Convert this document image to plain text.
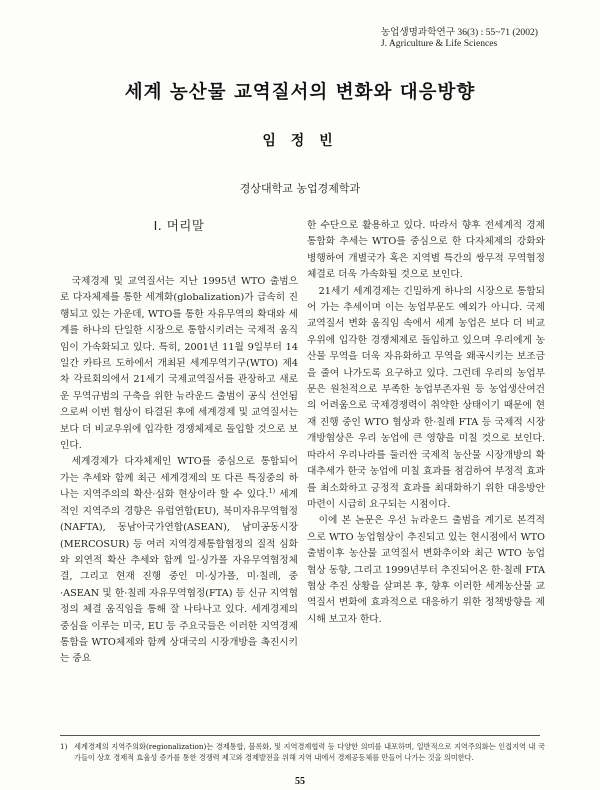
농업생명과학연구 36(3) : 55~71 (2002)
J. Agriculture & Life Sciences
세계 농산물 교역질서의 변화와 대응방향
임 정 빈
경상대학교 농업경제학과
Ⅰ. 머리말

국제경제 및 교역질서는 지난 1995년 WTO 출범으로 다자체제를 통한 세계화(globalization)가 급속히 진행되고 있는 가운데, WTO를 통한 자유무역의 확대와 세계를 하나의 단일한 시장으로 통합시키려는 국제적 움직임이 가속화되고 있다. 특히, 2001년 11월 9일부터 14일간 카타르 도하에서 개최된 세계무역기구(WTO) 제4차 각료회의에서 21세기 국제교역질서를 관장하고 새로운 무역규범의 구축을 위한 뉴라운드 출범이 공식 선언됨으로써 이번 협상이 타결된 후에 세계경제 및 교역질서는 보다 더 비교우위에 입각한 경쟁체제로 돌입할 것으로 보인다.

세계경제가 다자체제인 WTO를 중심으로 통합되어 가는 추세와 함께 최근 세계경제의 또 다른 특징중의 하나는 지역주의의 확산·심화 현상이라 할 수 있다.$^{1)}$ 세계적인 지역주의 경향은 유럽연합(EU), 북미자유무역협정(NAFTA), 동남아국가연합(ASEAN), 남미공동시장(MERCOSUR) 등 여러 지역경제통합협정의 질적 심화와 외연적 확산 추세와 함께 일·싱가폴 자유무역협정체결, 그리고 현재 진행 중인 미·싱가폴, 미·칠레, 중·ASEAN 및 한·칠레 자유무역협정(FTA) 등 신규 지역협정의 체결 움직임을 통해 잘 나타나고 있다. 세계경제의 중심을 이루는 미국, EU 등 주요국들은 이러한 지역경제통합을 WTO체제와 함께 상대국의 시장개방을 촉진시키는 중요

한 수단으로 활용하고 있다. 따라서 향후 전세계적 경제통합화 추세는 WTO를 중심으로 한 다자체제의 강화와 병행하여 개별국가 혹은 지역별 특간의 쌍무적 무역협정체결로 더욱 가속화될 것으로 보인다.

21세기 세계경제는 긴밀하게 하나의 시장으로 통합되어 가는 추세이며 이는 농업부문도 예외가 아니다. 국제 교역질서 변화 움직임 속에서 세계 농업은 보다 더 비교우위에 입각한 경쟁체제로 돌입하고 있으며 우리에게 농산물 무역을 더욱 자유화하고 무역을 왜곡시키는 보조금을 줄여 나가도록 요구하고 있다. 그런데 우리의 농업부문은 원천적으로 부족한 농업부존자원 등 농업생산여건의 어려움으로 국제경쟁력이 취약한 상태이기 때문에 현재 진행 중인 WTO 협상과 한·칠레 FTA 등 국제적 시장개방협상은 우리 농업에 큰 영향을 미칠 것으로 보인다. 따라서 우리나라를 둘러싼 국제적 농산물 시장개방의 확대추세가 한국 농업에 미칠 효과를 점검하여 부정적 효과를 최소화하고 긍정적 효과를 최대화하기 위한 대응방안 마련이 시급히 요구되는 시점이다.

이에 본 논문은 우선 뉴라운드 출범을 계기로 본격적으로 WTO 농업협상이 추진되고 있는 현시점에서 WTO 출범이후 농산물 교역질서 변화추이와 최근 WTO 농업협상 동향, 그리고 1999년부터 추진되어온 한·칠레 FTA 협상 추진 상황을 살펴본 후, 향후 이러한 세계농산물 교역질서 변화에 효과적으로 대응하기 위한 정책방향을 제시해 보고자 한다.

1) 세계경제의 지역주의화(regionalization)는 경제통합, 블록화, 및 지역경제협력 등 다양한 의미를 내포하며, 일반적으로 지역주의화는 인접지역 내 국가들이 상호 경제적 효율성 증가를 통한 경쟁력 제고와 경제발전을 위해 지역 내에서 경제공동체를 만들어 나가는 것을 의미한다.
55
